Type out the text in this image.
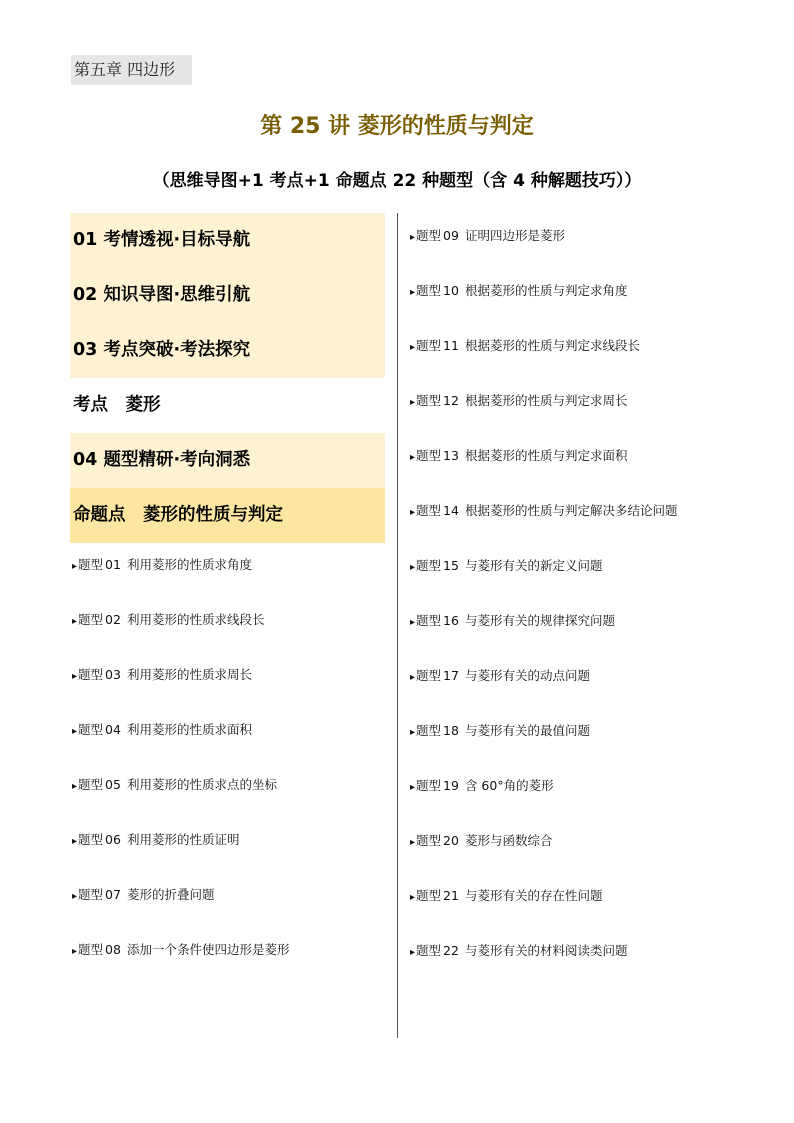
第五章 四边形
第 25 讲 菱形的性质与判定
（思维导图+1 考点+1 命题点 22 种题型（含 4 种解题技巧））
01 考情透视·目标导航
02 知识导图·思维引航
03 考点突破·考法探究
考点　菱形
04 题型精研·考向洞悉
命题点　菱形的性质与判定
▸题型 01 利用菱形的性质求角度
▸题型 02 利用菱形的性质求线段长
▸题型 03 利用菱形的性质求周长
▸题型 04 利用菱形的性质求面积
▸题型 05 利用菱形的性质求点的坐标
▸题型 06 利用菱形的性质证明
▸题型 07 菱形的折叠问题
▸题型 08 添加一个条件使四边形是菱形
▸题型 09 证明四边形是菱形
▸题型 10 根据菱形的性质与判定求角度
▸题型 11 根据菱形的性质与判定求线段长
▸题型 12 根据菱形的性质与判定求周长
▸题型 13 根据菱形的性质与判定求面积
▸题型 14 根据菱形的性质与判定解决多结论问题
▸题型 15 与菱形有关的新定义问题
▸题型 16 与菱形有关的规律探究问题
▸题型 17 与菱形有关的动点问题
▸题型 18 与菱形有关的最值问题
▸题型 19 含 60°角的菱形
▸题型 20 菱形与函数综合
▸题型 21 与菱形有关的存在性问题
▸题型 22 与菱形有关的材料阅读类问题
